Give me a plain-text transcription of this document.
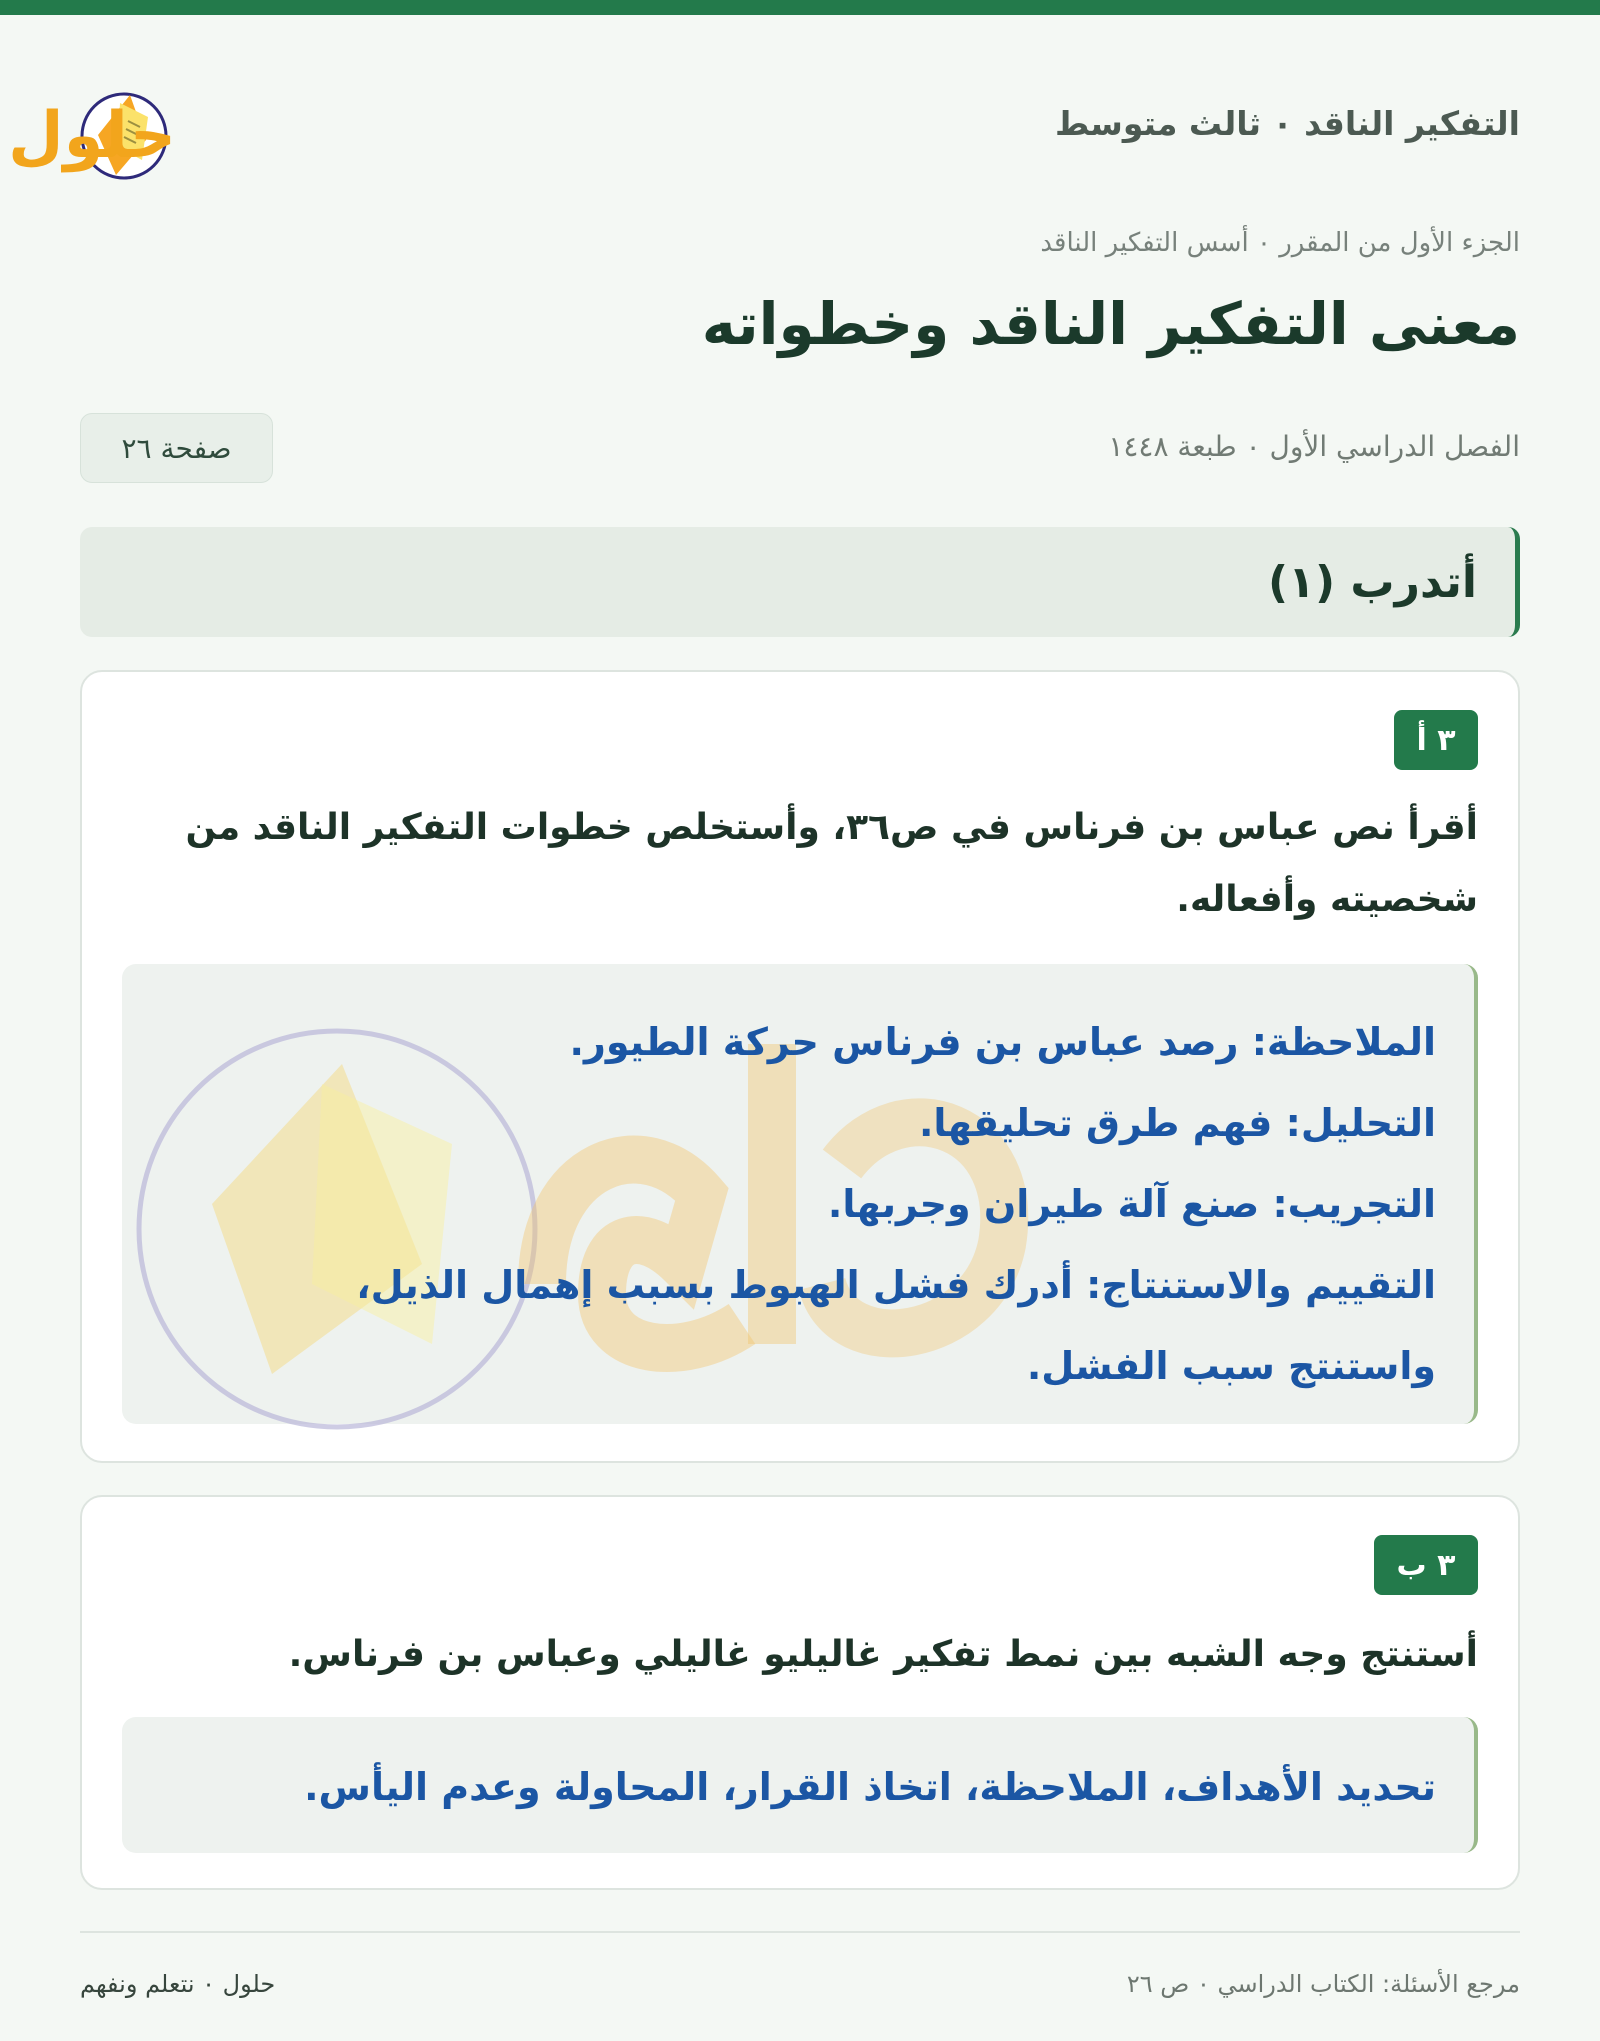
التفكير الناقد ٠ ثالث متوسط
حلول
الجزء الأول من المقرر ٠ أسس التفكير الناقد
معنى التفكير الناقد وخطواته
الفصل الدراسي الأول ٠ طبعة ١٤٤٨
صفحة ٢٦
أتدرب (١)
٣ أ
أقرأ نص عباس بن فرناس في ص٣٦، وأستخلص خطوات التفكير الناقد من شخصيته وأفعاله.
الملاحظة: رصد عباس بن فرناس حركة الطيور.
التحليل: فهم طرق تحليقها.
التجريب: صنع آلة طيران وجربها.
التقييم والاستنتاج: أدرك فشل الهبوط بسبب إهمال الذيل،
واستنتج سبب الفشل.
٣ ب
أستنتج وجه الشبه بين نمط تفكير غاليليو غاليلي وعباس بن فرناس.
تحديد الأهداف، الملاحظة، اتخاذ القرار، المحاولة وعدم اليأس.
مرجع الأسئلة: الكتاب الدراسي ٠ ص ٢٦
حلول ٠ نتعلم ونفهم
